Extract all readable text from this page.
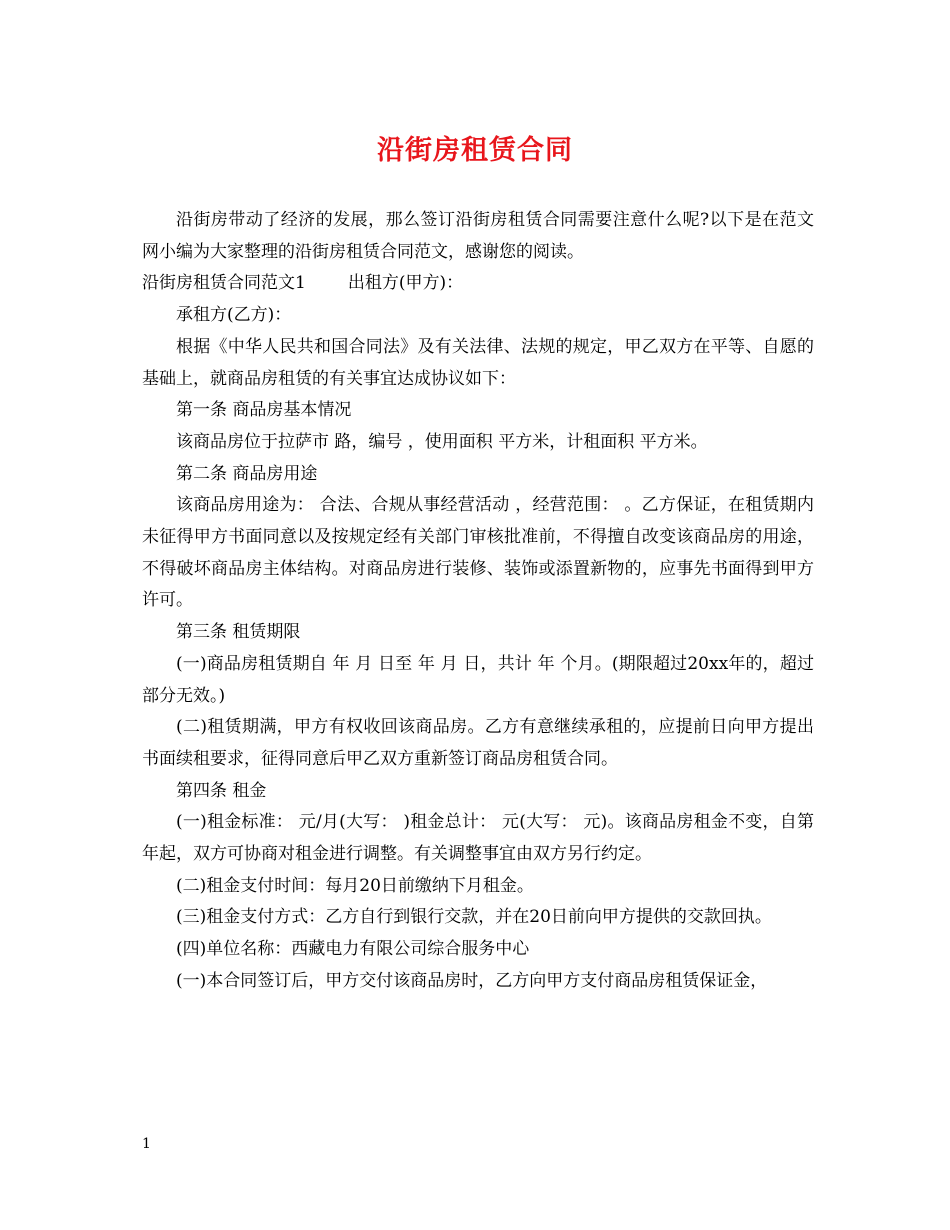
沿街房租赁合同

沿街房带动了经济的发展，那么签订沿街房租赁合同需要注意什么呢?以下是在范文网小编为大家整理的沿街房租赁合同范文，感谢您的阅读。

沿街房租赁合同范文1 出租方(甲方)：

承租方(乙方)：

根据《中华人民共和国合同法》及有关法律、法规的规定，甲乙双方在平等、自愿的基础上，就商品房租赁的有关事宜达成协议如下：

第一条 商品房基本情况

该商品房位于拉萨市 路，编号 ，使用面积 平方米，计租面积 平方米。

第二条 商品房用途

该商品房用途为： 合法、合规从事经营活动 ，经营范围： 。乙方保证，在租赁期内未征得甲方书面同意以及按规定经有关部门审核批准前，不得擅自改变该商品房的用途，不得破坏商品房主体结构。对商品房进行装修、装饰或添置新物的，应事先书面得到甲方许可。

第三条 租赁期限

(一)商品房租赁期自 年 月 日至 年 月 日，共计 年 个月。(期限超过20xx年的，超过部分无效。)

(二)租赁期满，甲方有权收回该商品房。乙方有意继续承租的，应提前日向甲方提出书面续租要求，征得同意后甲乙双方重新签订商品房租赁合同。

第四条 租金

(一)租金标准： 元/月(大写： )租金总计： 元(大写： 元)。该商品房租金不变，自第 年起，双方可协商对租金进行调整。有关调整事宜由双方另行约定。

(二)租金支付时间：每月20日前缴纳下月租金。

(三)租金支付方式：乙方自行到银行交款，并在20日前向甲方提供的交款回执。

(四)单位名称：西藏电力有限公司综合服务中心

(一)本合同签订后，甲方交付该商品房时，乙方向甲方支付商品房租赁保证金，

1
